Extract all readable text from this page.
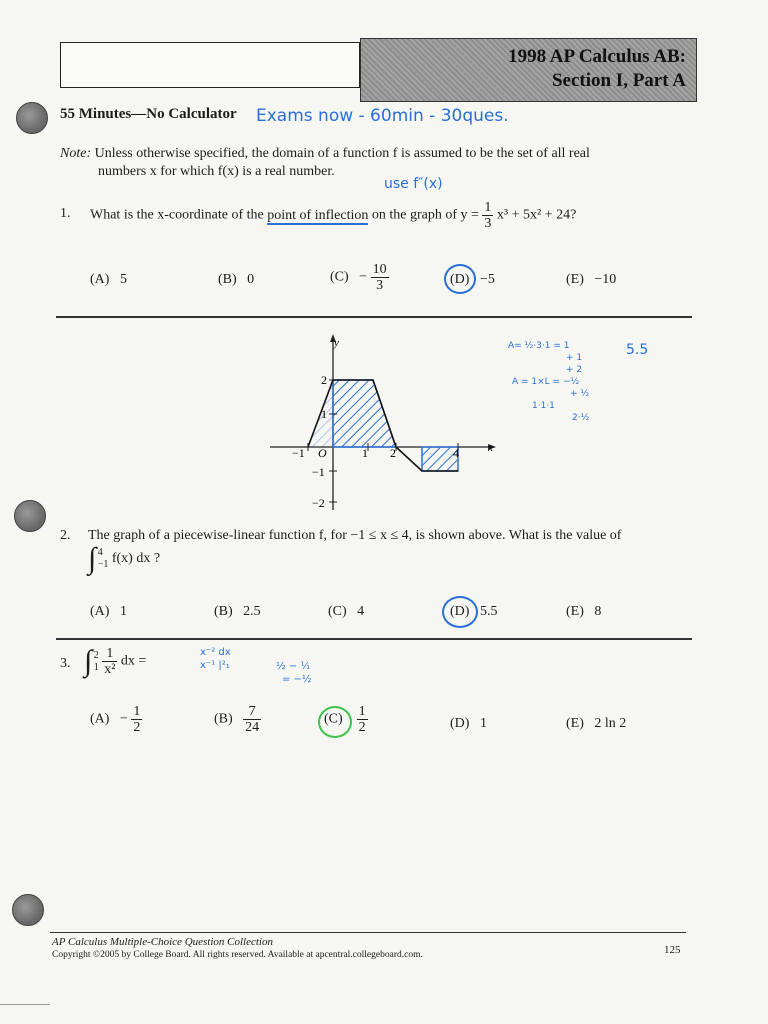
1998 AP Calculus AB:
Section I, Part A
55 Minutes—No Calculator Exams now - 60min - 30ques.
Note: Unless otherwise specified, the domain of a function f is assumed to be the set of all real
numbers x for which f(x) is a real number.
use f″(x)
1. What is the x-coordinate of the point of inflection on the graph of $y = \frac{1}{3} x^3 + 5x^2 + 24$?
(A) 5	(B) 0	$(C) - \frac{10}{3}$	(D) −5	(E) −10
y
x
−1 O	1 2	4
2
1
−1
−2
A= ½·3·1 = 1
+ 1
+ 2
A = 1×L = −½
+ ½
1·1·1
2·½
5.5
2. The graph of a piecewise-linear function f, for −1 ≤ x ≤ 4, is shown above. What is the value of
∫ 4
−1 f(x) dx ?
(A) 1	(B) 2.5	(C) 4	(D) 5.5	(E) 8
3. ∫ 2
1
$\frac{1}{\text{x²}}$ dx =
x⁻² dx
x⁻¹ |²₁	½ − ¹⁄₁
= −½
$(A) - \frac{1}{2}$	$(B) \frac{7}{24}$	$(C) \frac{1}{2}$	(D) 1	(E) 2 ln 2
AP Calculus Multiple-Choice Question Collection
Copyright ©2005 by College Board. All rights reserved. Available at apcentral.collegeboard.com.	125
